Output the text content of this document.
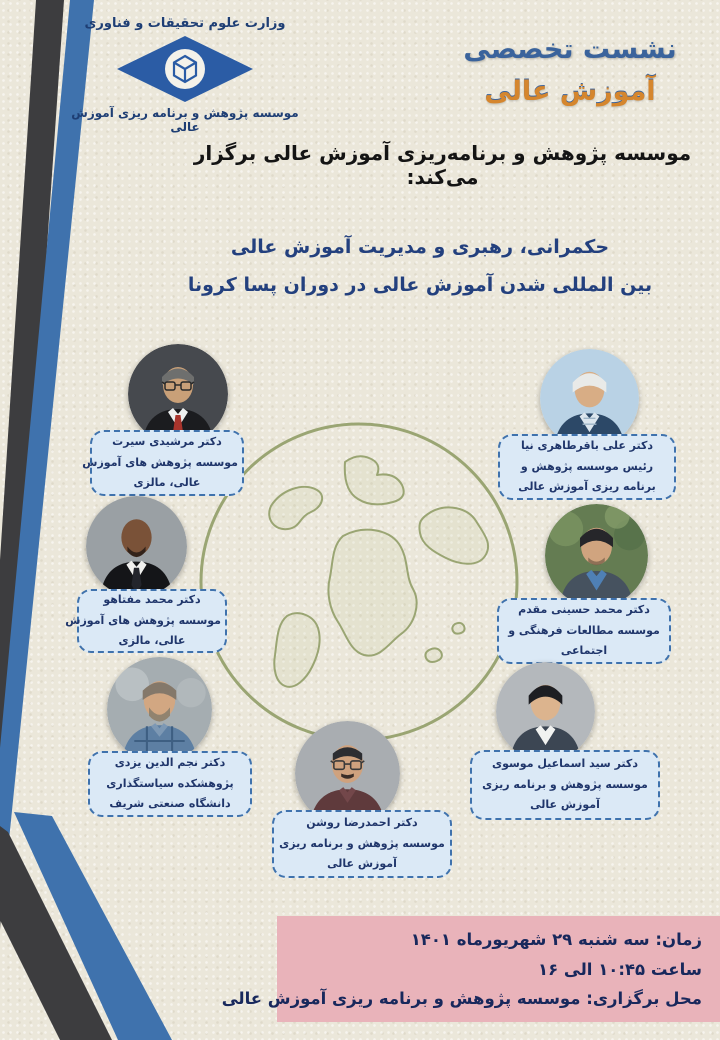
وزارت علوم تحقیقات و فناوری
موسسه پژوهش و برنامه ریزی آموزش عالی
نشست تخصصی
آموزش عالی
موسسه پژوهش و برنامه‌ریزی آموزش عالی برگزار می‌کند:
حکمرانی، رهبری و مدیریت آموزش عالی
بین المللی شدن آموزش عالی در دوران پسا کرونا
دکتر مرشیدی سیرت
موسسه پژوهش های آموزش
عالی، مالزی
دکتر محمد مفتاهو
موسسه پژوهش های آموزش
عالی، مالزی
دکتر نجم الدین یزدی
پژوهشکده سیاستگذاری
دانشگاه صنعتی شریف
دکتر احمدرضا روشن
موسسه پژوهش و برنامه ریزی
آموزش عالی
دکتر علی باقرطاهری نیا
رئیس موسسه پژوهش و
برنامه ریزی آموزش عالی
دکتر محمد حسینی مقدم
موسسه مطالعات فرهنگی و
اجتماعی
دکتر سید اسماعیل موسوی
موسسه پژوهش و برنامه ریزی
آموزش عالی
زمان: سه شنبه ۲۹ شهریورماه ۱۴۰۱
ساعت ۱۰:۴۵ الی ۱۶
محل برگزاری: موسسه پژوهش و برنامه ریزی آموزش عالی
